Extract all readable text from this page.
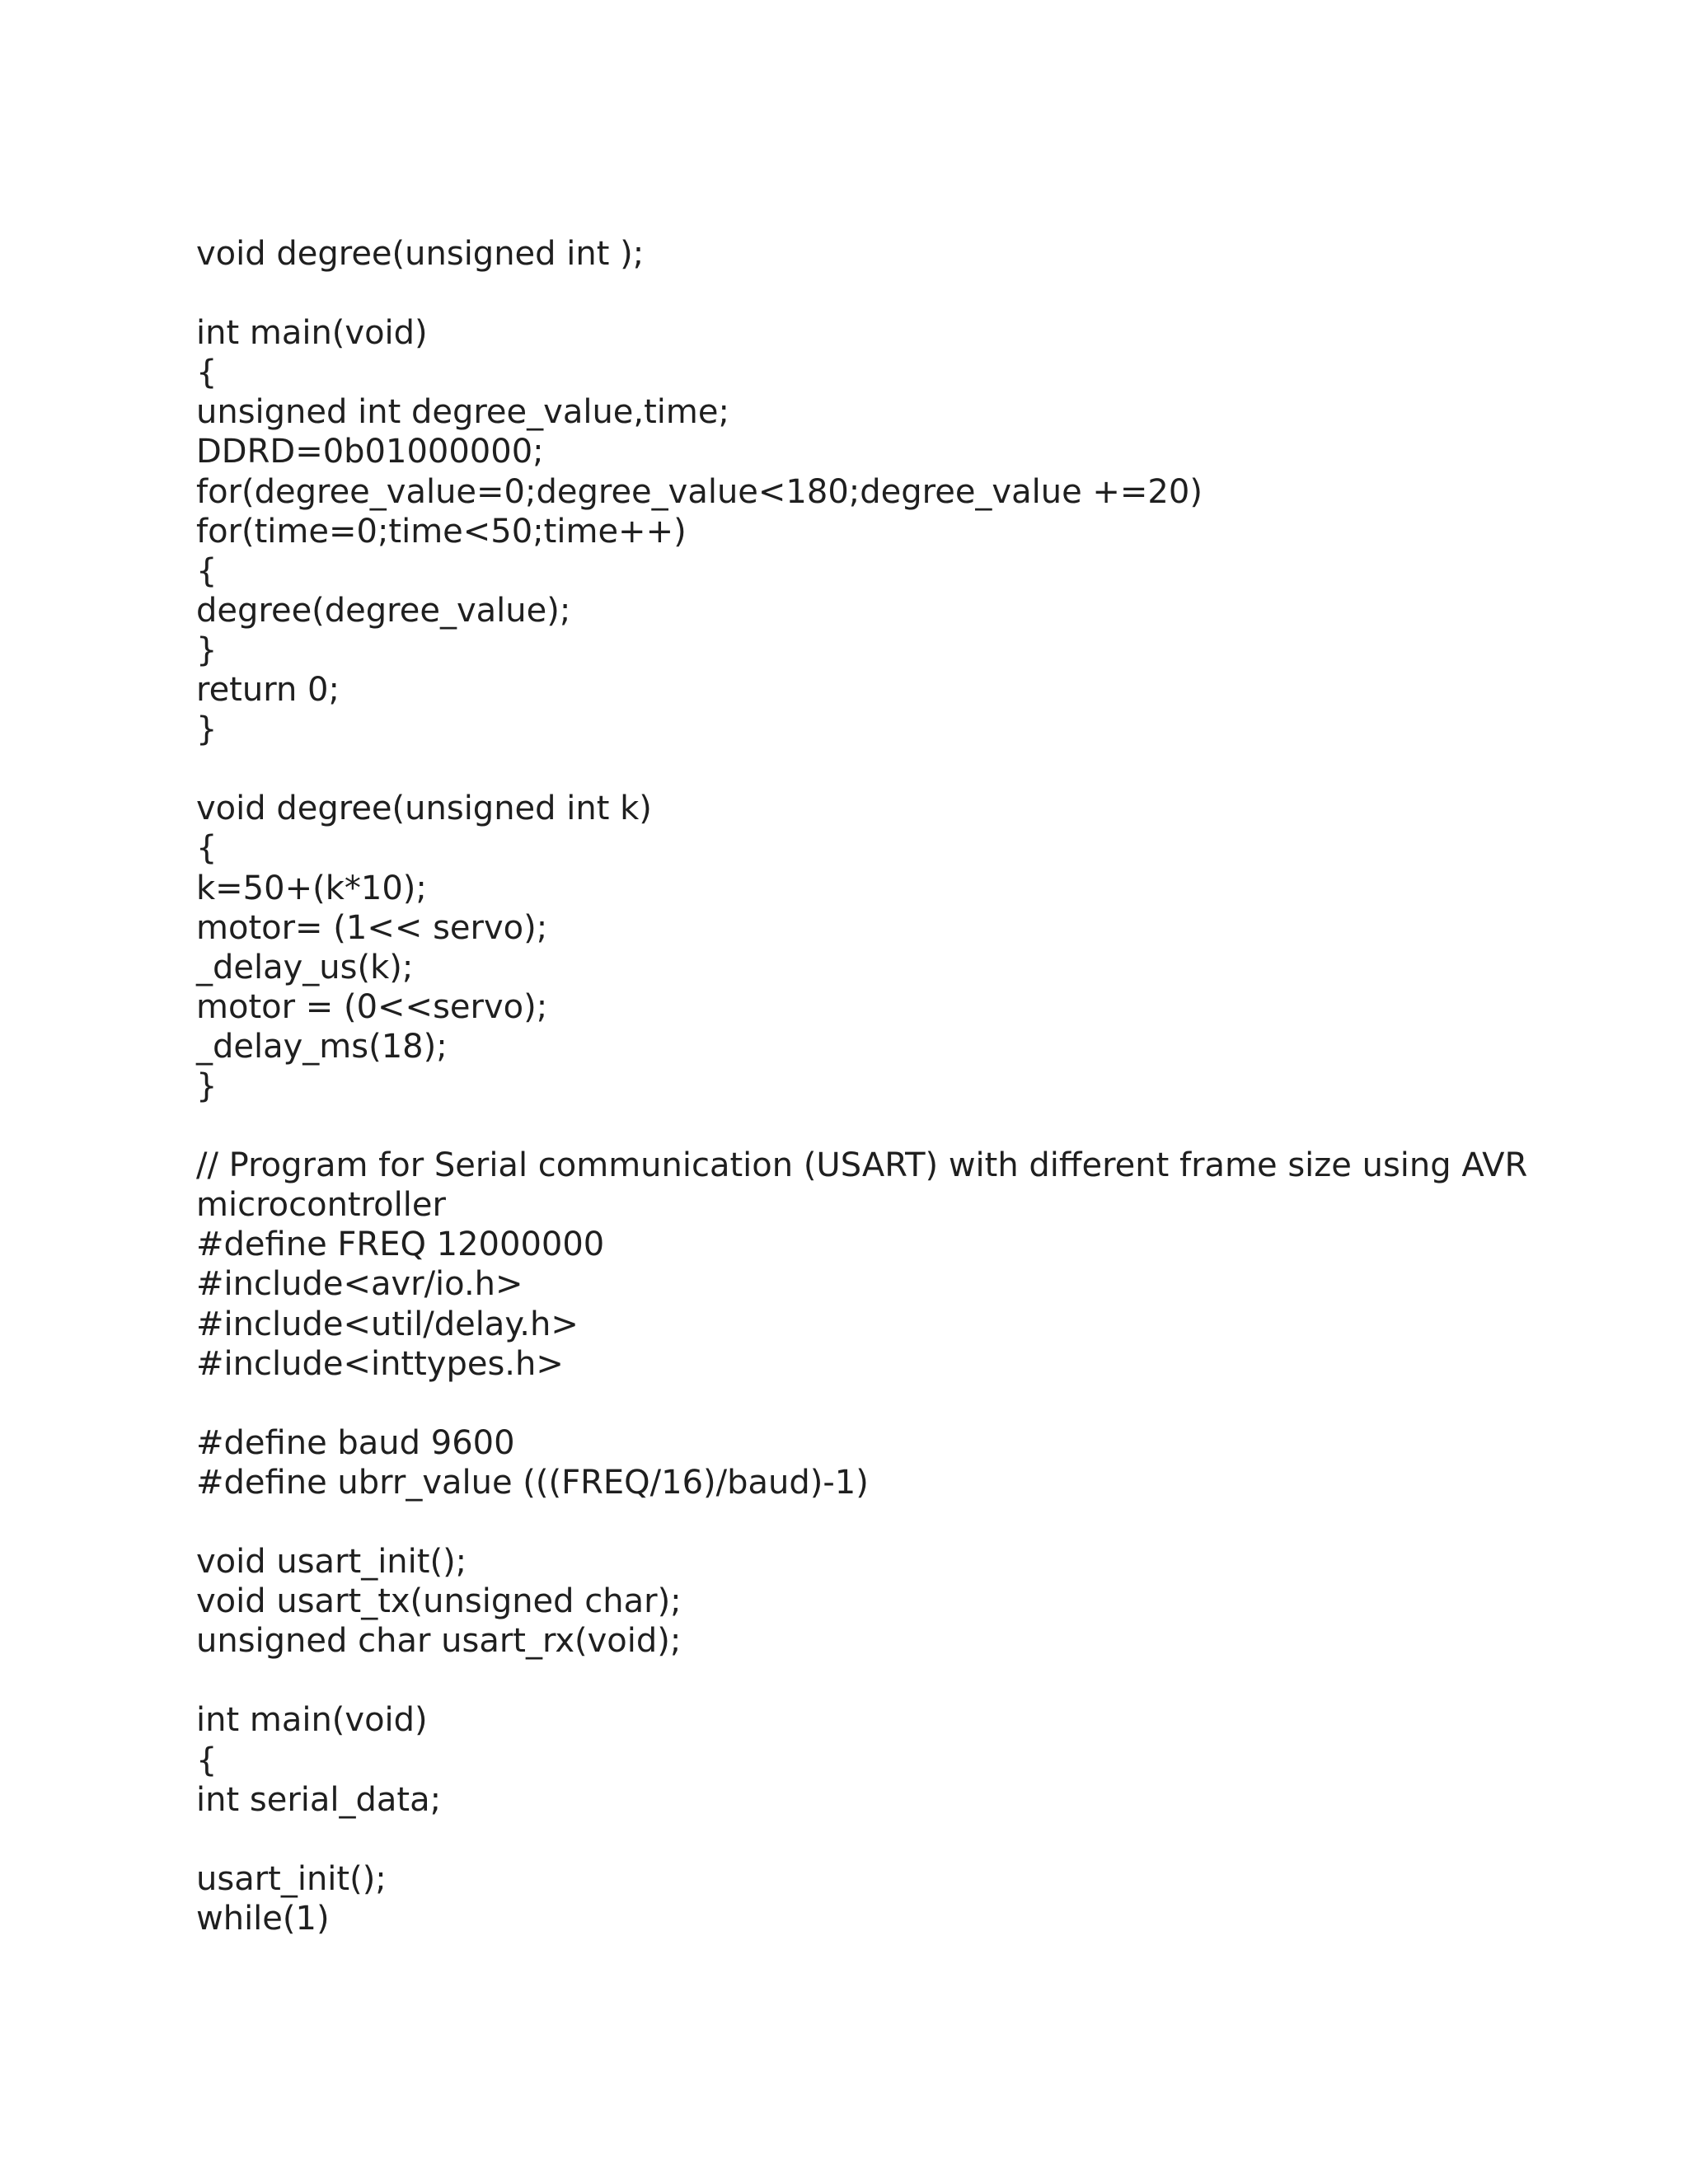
void degree(unsigned int );
int main(void)
{
unsigned int degree_value,time;
DDRD=0b01000000;
for(degree_value=0;degree_value<180;degree_value +=20)
for(time=0;time<50;time++)
{
degree(degree_value);
}
return 0;
}
void degree(unsigned int k)
{
k=50+(k*10);
motor= (1<< servo);
_delay_us(k);
motor = (0<<servo);
_delay_ms(18);
}
// Program for Serial communication (USART) with different frame size using AVR
microcontroller
#define FREQ 12000000
#include<avr/io.h>
#include<util/delay.h>
#include<inttypes.h>
#define baud 9600
#define ubrr_value (((FREQ/16)/baud)-1)
void usart_init();
void usart_tx(unsigned char);
unsigned char usart_rx(void);
int main(void)
{
int serial_data;
usart_init();
while(1)
